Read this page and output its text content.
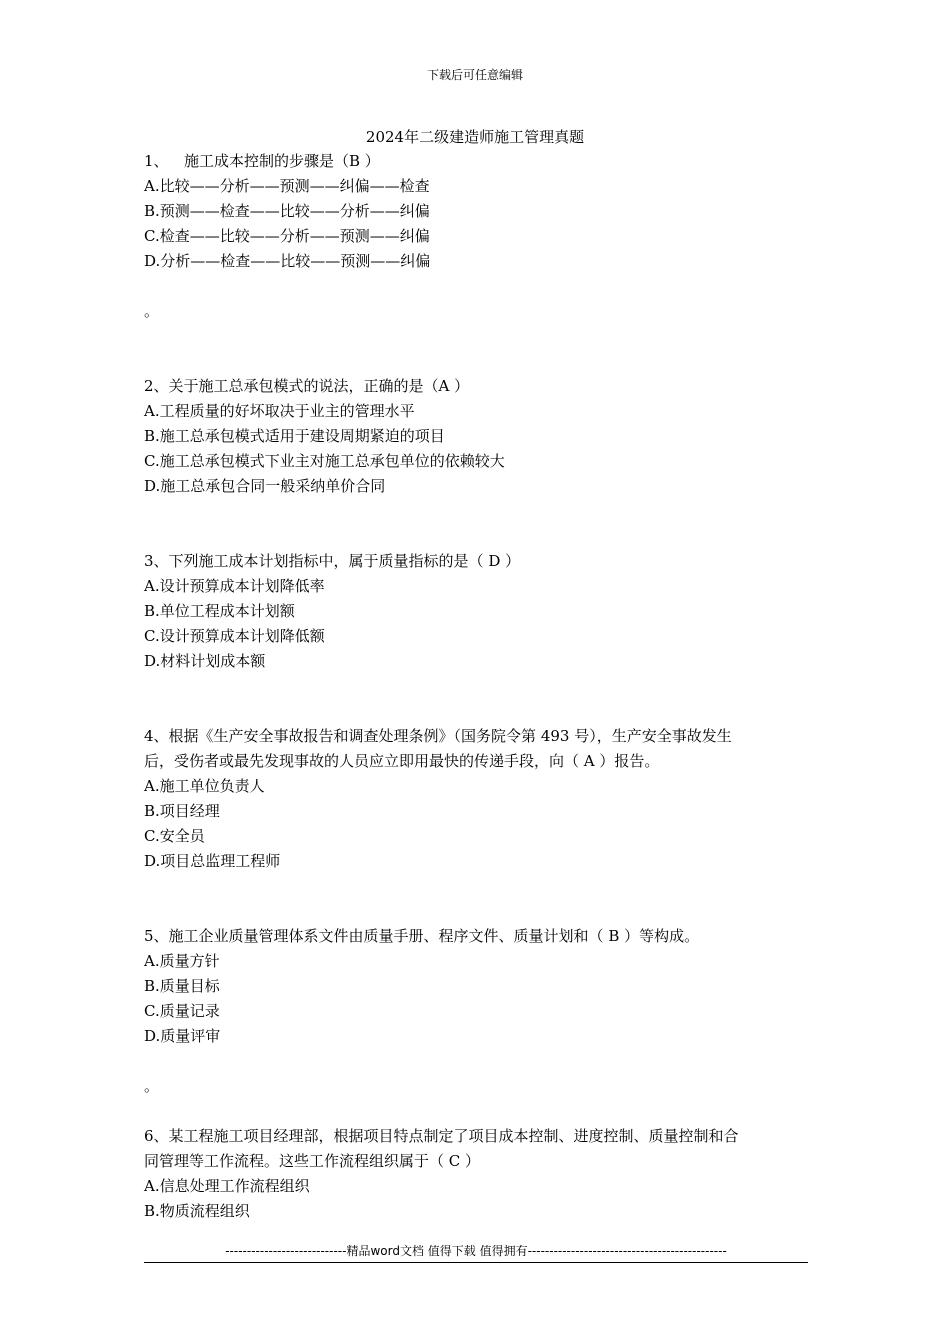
下载后可任意编辑
2024年二级建造师施工管理真题

1、 施工成本控制的步骤是（B ）

A.比较——分析——预测——纠偏——检查

B.预测——检查——比较——分析——纠偏

C.检查——比较——分析——预测——纠偏

D.分析——检查——比较——预测——纠偏

。

2、关于施工总承包模式的说法，正确的是（A ）

A.工程质量的好坏取决于业主的管理水平

B.施工总承包模式适用于建设周期紧迫的项目

C.施工总承包模式下业主对施工总承包单位的依赖较大

D.施工总承包合同一般采纳单价合同

3、下列施工成本计划指标中，属于质量指标的是（ D ）

A.设计预算成本计划降低率

B.单位工程成本计划额

C.设计预算成本计划降低额

D.材料计划成本额

4、根据《生产安全事故报告和调查处理条例》（国务院令第 493 号），生产安全事故发生

后，受伤者或最先发现事故的人员应立即用最快的传递手段，向（ A ）报告。

A.施工单位负责人

B.项目经理

C.安全员

D.项目总监理工程师

5、施工企业质量管理体系文件由质量手册、程序文件、质量计划和（ B ）等构成。

A.质量方针

B.质量目标

C.质量记录

D.质量评审

。

6、某工程施工项目经理部，根据项目特点制定了项目成本控制、进度控制、质量控制和合

同管理等工作流程。这些工作流程组织属于（ C ）

A.信息处理工作流程组织

B.物质流程组织

----------------------------精品word文档 值得下载 值得拥有----------------------------------------------
